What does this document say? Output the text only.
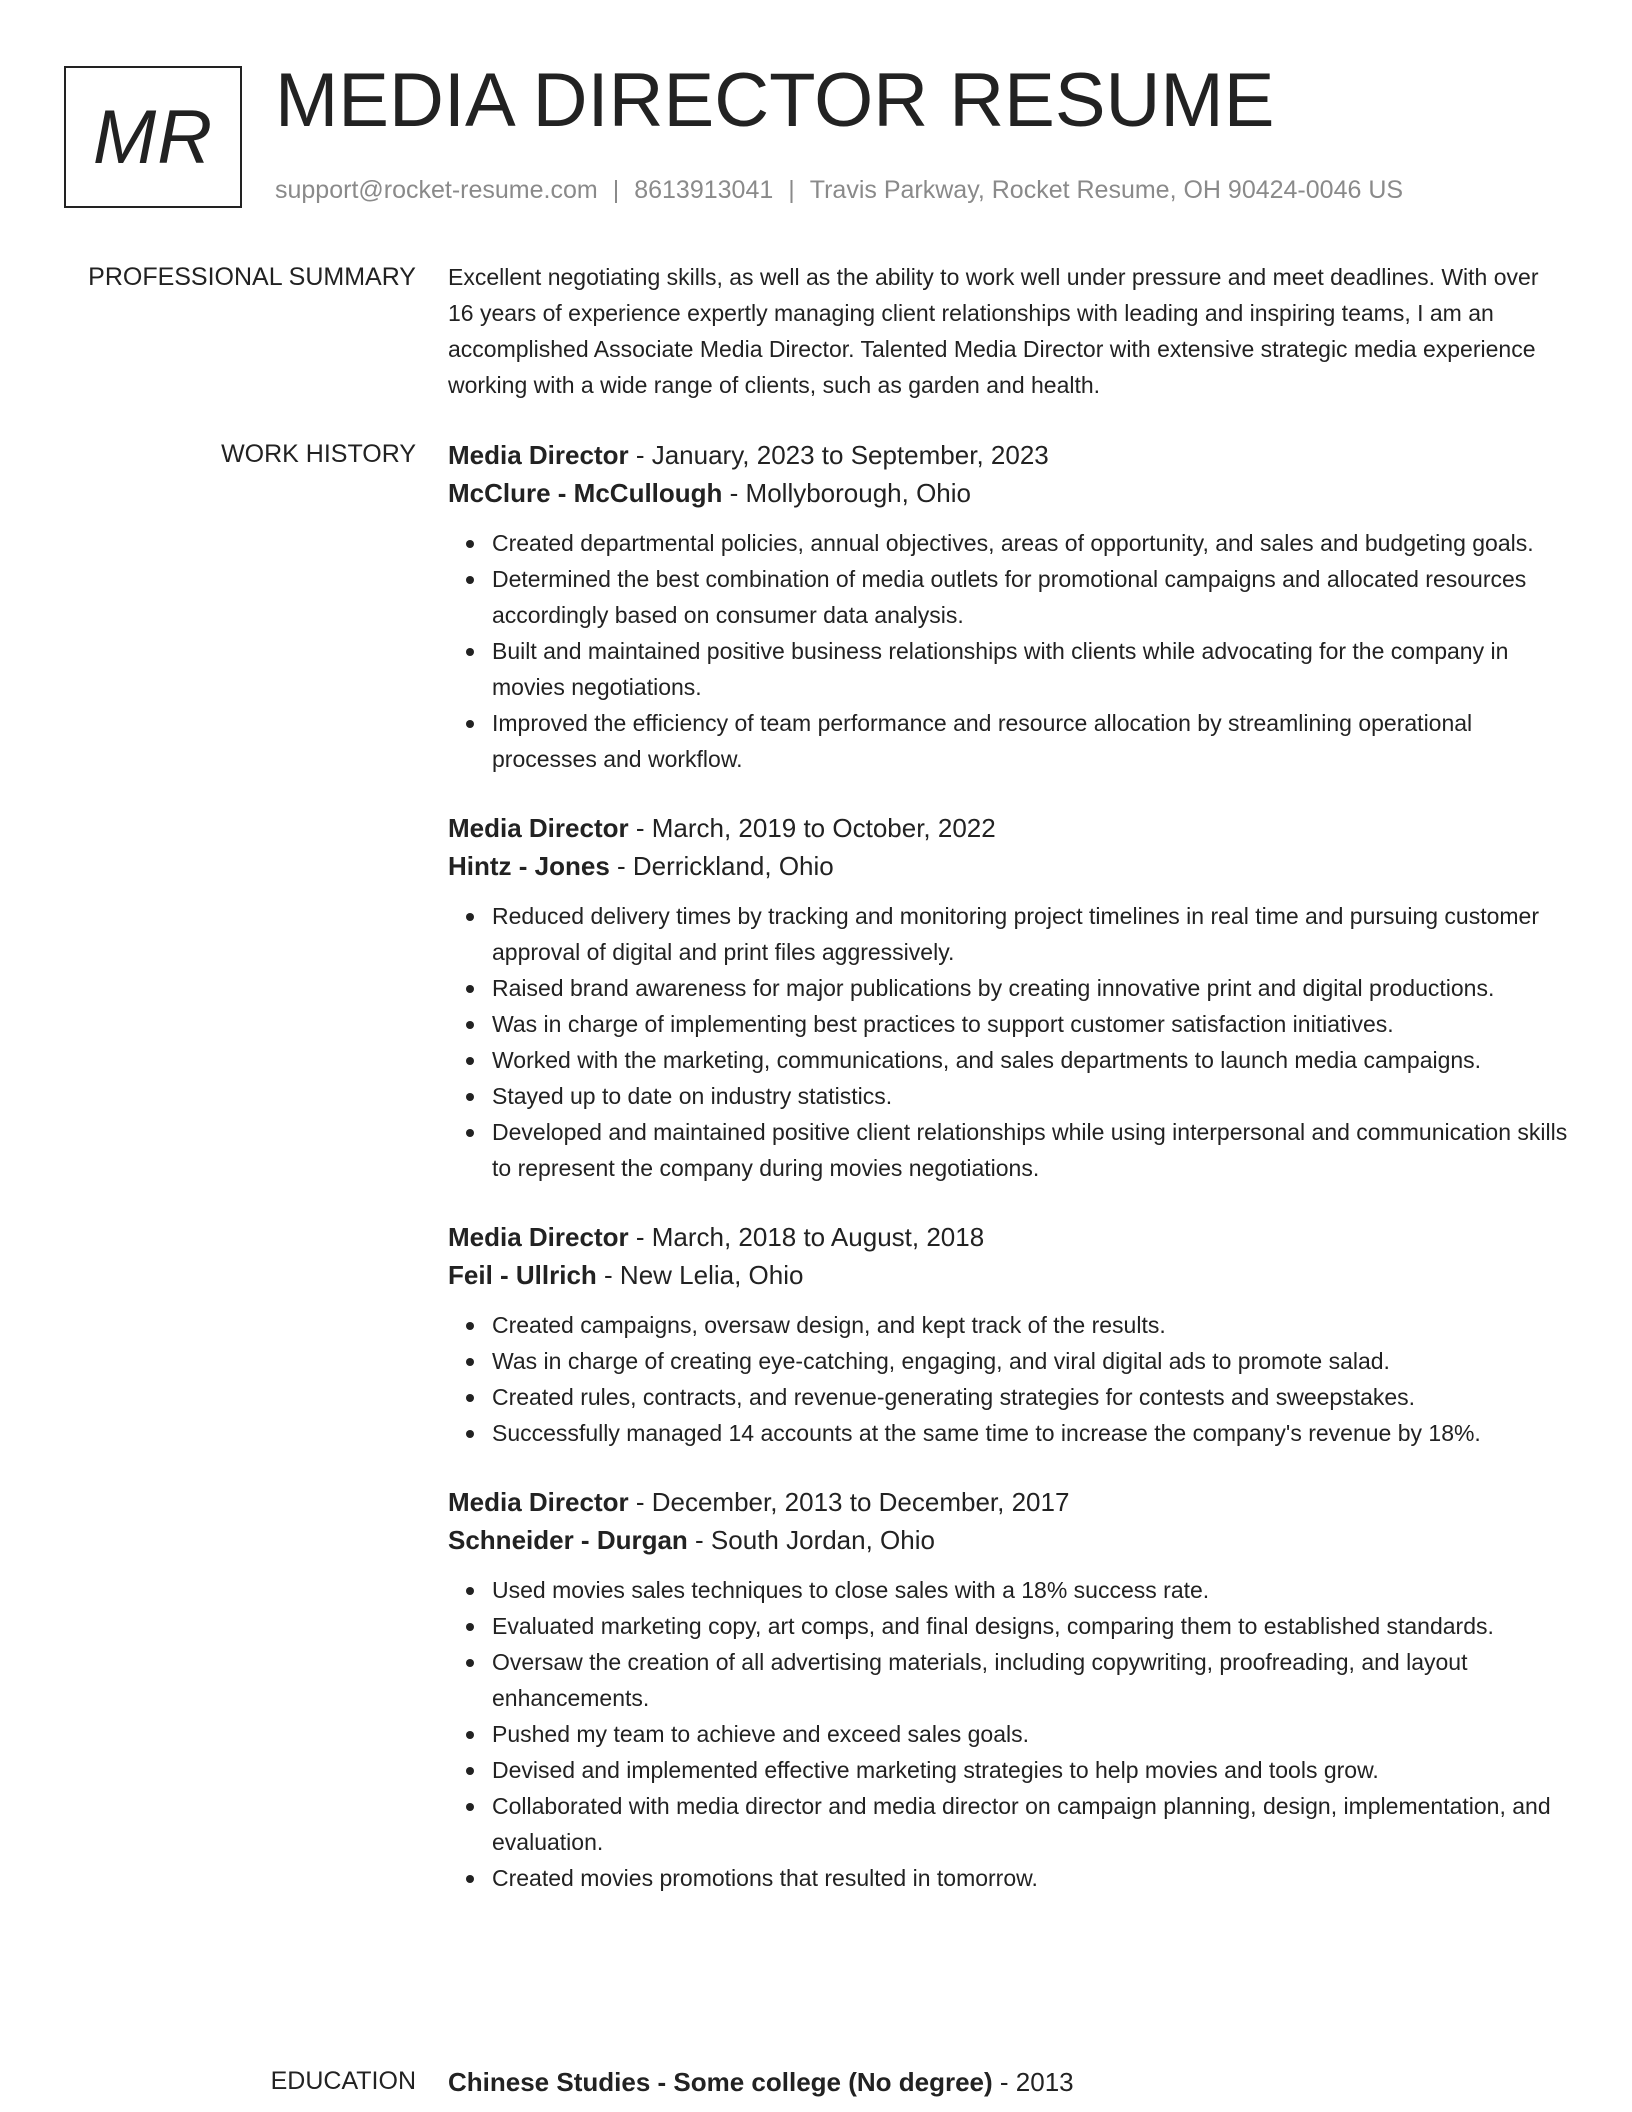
MR MEDIA DIRECTOR RESUME
support@rocket-resume.com | 8613913041 | Travis Parkway, Rocket Resume, OH 90424-0046 US
PROFESSIONAL SUMMARY Excellent negotiating skills, as well as the ability to work well under pressure and meet deadlines. With over 16 years of experience expertly managing client relationships with leading and inspiring teams, I am an accomplished Associate Media Director. Talented Media Director with extensive strategic media experience working with a wide range of clients, such as garden and health.

WORK HISTORY Media Director - January, 2023 to September, 2023
McClure - McCullough - Mollyborough, Ohio
Created departmental policies, annual objectives, areas of opportunity, and sales and budgeting goals.
Determined the best combination of media outlets for promotional campaigns and allocated resources accordingly based on consumer data analysis.
Built and maintained positive business relationships with clients while advocating for the company in movies negotiations.
Improved the efficiency of team performance and resource allocation by streamlining operational processes and workflow.
Media Director - March, 2019 to October, 2022
Hintz - Jones - Derrickland, Ohio
Reduced delivery times by tracking and monitoring project timelines in real time and pursuing customer approval of digital and print files aggressively.
Raised brand awareness for major publications by creating innovative print and digital productions.
Was in charge of implementing best practices to support customer satisfaction initiatives.
Worked with the marketing, communications, and sales departments to launch media campaigns.
Stayed up to date on industry statistics.
Developed and maintained positive client relationships while using interpersonal and communication skills to represent the company during movies negotiations.
Media Director - March, 2018 to August, 2018
Feil - Ullrich - New Lelia, Ohio
Created campaigns, oversaw design, and kept track of the results.
Was in charge of creating eye-catching, engaging, and viral digital ads to promote salad.
Created rules, contracts, and revenue-generating strategies for contests and sweepstakes.
Successfully managed 14 accounts at the same time to increase the company's revenue by 18%.
Media Director - December, 2013 to December, 2017
Schneider - Durgan - South Jordan, Ohio
Used movies sales techniques to close sales with a 18% success rate.
Evaluated marketing copy, art comps, and final designs, comparing them to established standards.
Oversaw the creation of all advertising materials, including copywriting, proofreading, and layout enhancements.
Pushed my team to achieve and exceed sales goals.
Devised and implemented effective marketing strategies to help movies and tools grow.
Collaborated with media director and media director on campaign planning, design, implementation, and evaluation.
Created movies promotions that resulted in tomorrow.
EDUCATION Chinese Studies - Some college (No degree) - 2013
